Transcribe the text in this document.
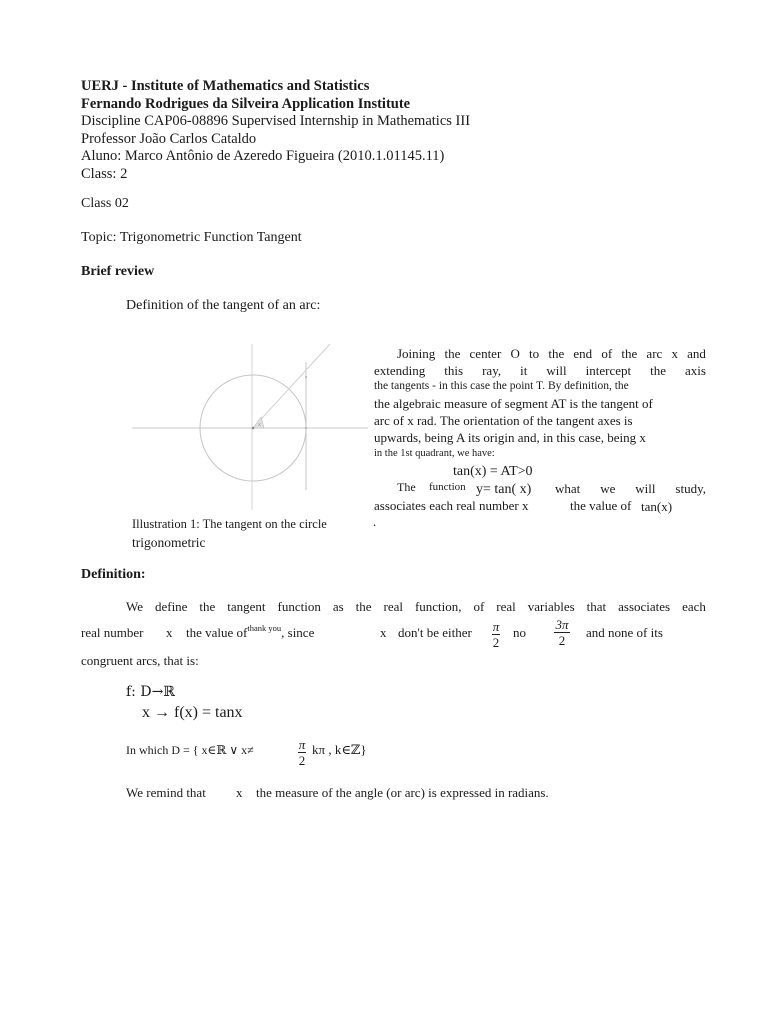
UERJ - Institute of Mathematics and Statistics
Fernando Rodrigues da Silveira Application Institute
Discipline CAP06-08896 Supervised Internship in Mathematics III
Professor João Carlos Cataldo
Aluno: Marco Antônio de Azeredo Figueira (2010.1.01145.11)
Class: 2
Class 02
Topic: Trigonometric Function Tangent
Brief review
Definition of the tangent of an arc:
x
Illustration 1: The tangent on the circle
trigonometric
Joining the center O to the end of the arc x and
extending this ray, it will intercept the axis
the tangents - in this case the point T. By definition, the
the algebraic measure of segment AT is the tangent of
arc of x rad. The orientation of the tangent axes is
upwards, being A its origin and, in this case, being x
in the 1st quadrant, we have:
tan(x) = AT>0
The function y= tan( x) what we will study,
associates each real number x	the value of tan(x)
.
Definition:
We define the tangent function as the real function, of real variables that associates each
real number x the value $of^{thank you}$, since	x don't be either $\frac{\pi}{2}$ no $\frac{3\pi}{2}$ and none of its
congruent arcs, that is:
f: D→ℝ
x → f(x) = tanx
In which D = { x∈ℝ ∨ x≠	$\frac{\pi}{2}$ kπ , k∈ℤ}
We remind that x the measure of the angle (or arc) is expressed in radians.
